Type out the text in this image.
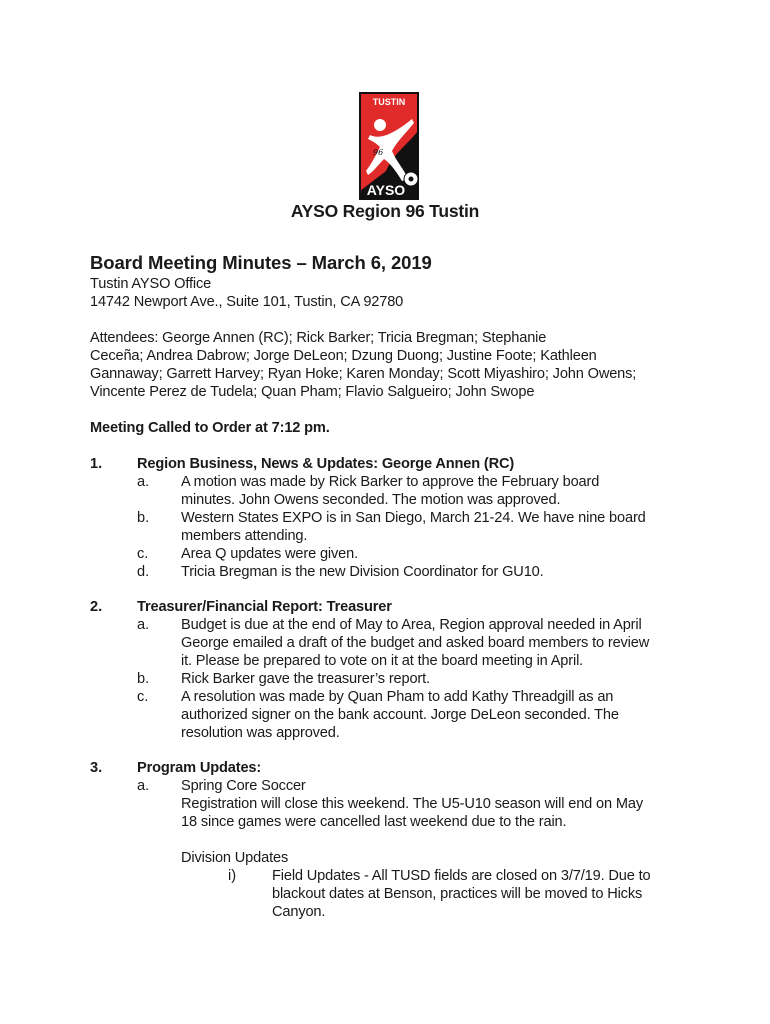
TUSTIN
96
AYSO
AYSO Region 96 Tustin
Board Meeting Minutes – March 6, 2019
Tustin AYSO Office
14742 Newport Ave., Suite 101, Tustin, CA 92780
Attendees: George Annen (RC); Rick Barker; Tricia Bregman; Stephanie
Ceceña; Andrea Dabrow; Jorge DeLeon; Dzung Duong; Justine Foote; Kathleen
Gannaway; Garrett Harvey; Ryan Hoke; Karen Monday; Scott Miyashiro; John Owens;
Vincente Perez de Tudela; Quan Pham; Flavio Salgueiro; John Swope
Meeting Called to Order at 7:12 pm.
1. Region Business, News & Updates: George Annen (RC)
a. A motion was made by Rick Barker to approve the February board
minutes. John Owens seconded. The motion was approved.
b. Western States EXPO is in San Diego, March 21-24. We have nine board
members attending.
c. Area Q updates were given.
d. Tricia Bregman is the new Division Coordinator for GU10.
2. Treasurer/Financial Report: Treasurer
a. Budget is due at the end of May to Area, Region approval needed in April
George emailed a draft of the budget and asked board members to review
it. Please be prepared to vote on it at the board meeting in April.
b. Rick Barker gave the treasurer’s report.
c. A resolution was made by Quan Pham to add Kathy Threadgill as an
authorized signer on the bank account. Jorge DeLeon seconded. The
resolution was approved.
3. Program Updates:
a. Spring Core Soccer
Registration will close this weekend. The U5-U10 season will end on May
18 since games were cancelled last weekend due to the rain.
Division Updates
i) Field Updates - All TUSD fields are closed on 3/7/19. Due to
blackout dates at Benson, practices will be moved to Hicks
Canyon.
